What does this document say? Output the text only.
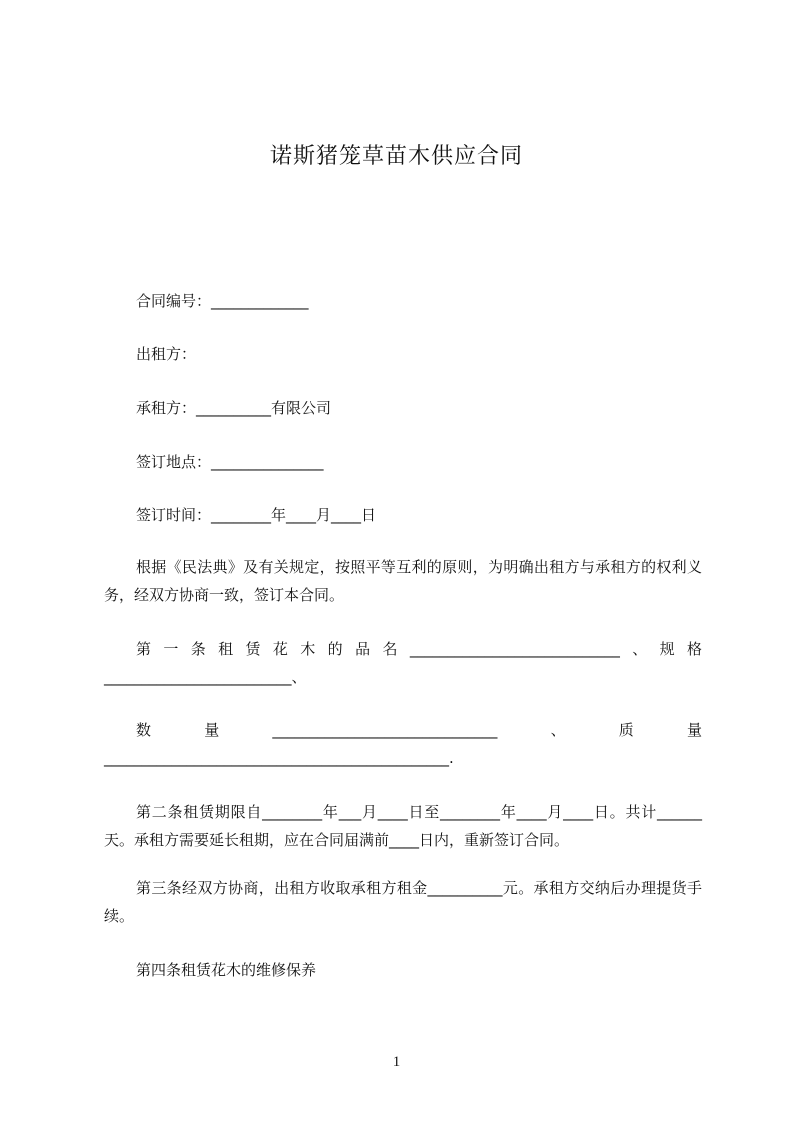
诺斯猪笼草苗木供应合同
合同编号：_____________
出租方：
承租方：__________有限公司
签订地点：_______________
签订时间：________年____月____日
根据《民法典》及有关规定，按照平等互利的原则，为明确出租方与承租方的权利义务，经双方协商一致，签订本合同。
第一条租赁花木的品名____________________________、规格_________________________、
数量______________________________、质量______________________________________________.
第二条租赁期限自________年___月____日至________年____月____日。共计______天。承租方需要延长租期，应在合同届满前____日内，重新签订合同。
第三条经双方协商，出租方收取承租方租金__________元。承租方交纳后办理提货手续。
第四条租赁花木的维修保养
1
